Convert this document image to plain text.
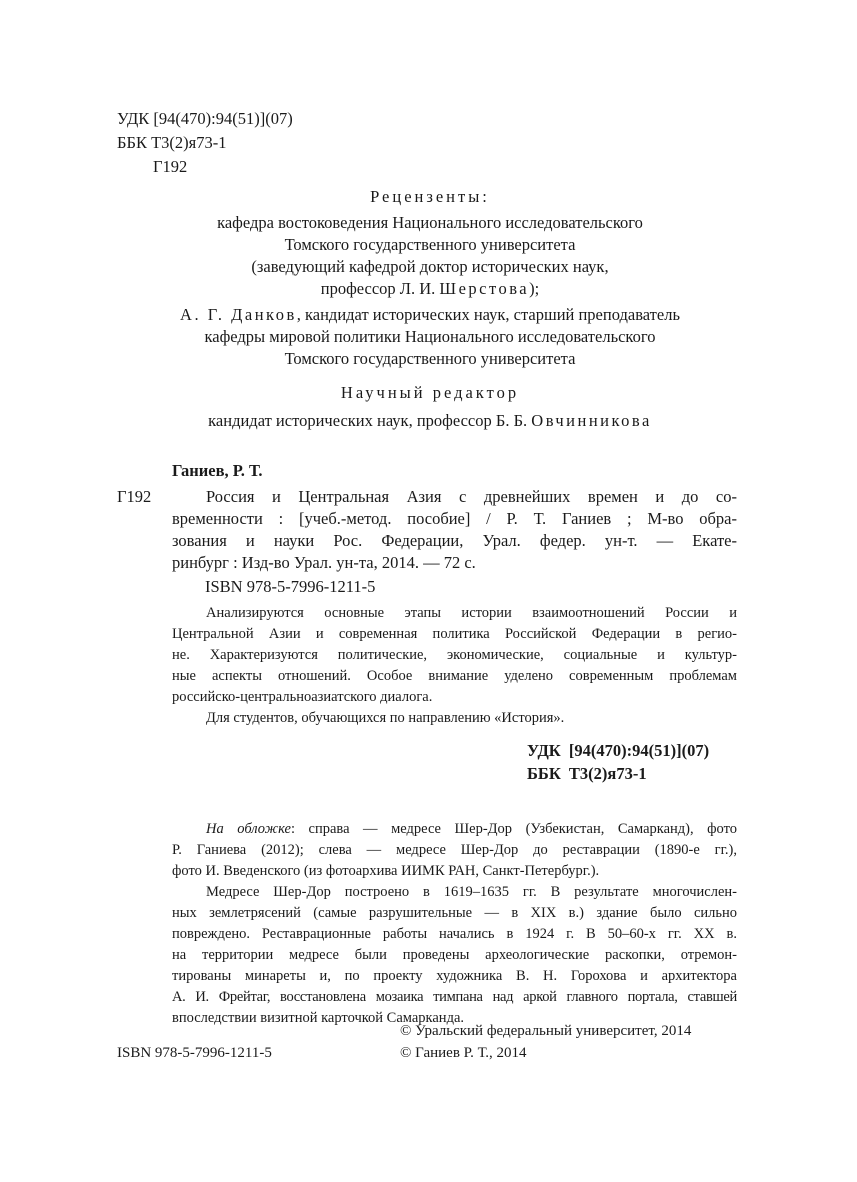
УДК [94(470):94(51)](07)
ББК Т3(2)я73-1
Г192
Рецензенты:
кафедра востоковедения Национального исследовательского
Томского государственного университета
(заведующий кафедрой доктор исторических наук,
профессор Л. И. Шерстова);
А. Г. Данков, кандидат исторических наук, старший преподаватель
кафедры мировой политики Национального исследовательского
Томского государственного университета
Научный редактор
кандидат исторических наук, профессор Б. Б. Овчинникова
Ганиев, Р. Т.
Г192	Россия и Центральная Азия с древнейших времен и до со-
временности : [учеб.-метод. пособие] / Р. Т. Ганиев ; М-во обра-
зования и науки Рос. Федерации, Урал. федер. ун-т. — Екате-
ринбург : Изд-во Урал. ун-та, 2014. — 72 с.
ISBN 978-5-7996-1211-5
Анализируются основные этапы истории взаимоотношений России и
Центральной Азии и современная политика Российской Федерации в регио-
не. Характеризуются политические, экономические, социальные и культур-
ные аспекты отношений. Особое внимание уделено современным проблемам
российско-центральноазиатского диалога.
Для студентов, обучающихся по направлению «История».
УДК [94(470):94(51)](07)
ББК Т3(2)я73-1
На обложке: справа — медресе Шер-Дор (Узбекистан, Самарканд), фото
Р. Ганиева (2012); слева — медресе Шер-Дор до реставрации (1890-е гг.),
фото И. Введенского (из фотоархива ИИМК РАН, Санкт-Петербург.).
Медресе Шер-Дор построено в 1619–1635 гг. В результате многочислен-
ных землетрясений (самые разрушительные — в XIX в.) здание было сильно
повреждено. Реставрационные работы начались в 1924 г. В 50–60-х гг. XX в.
на территории медресе были проведены археологические раскопки, отремон-
тированы минареты и, по проекту художника В. Н. Горохова и архитектора
А. И. Фрейтаг, восстановлена мозаика тимпана над аркой главного портала, ставшей
впоследствии визитной карточкой Самарканда.
ISBN 978-5-7996-1211-5
© Уральский федеральный университет, 2014
© Ганиев Р. Т., 2014
